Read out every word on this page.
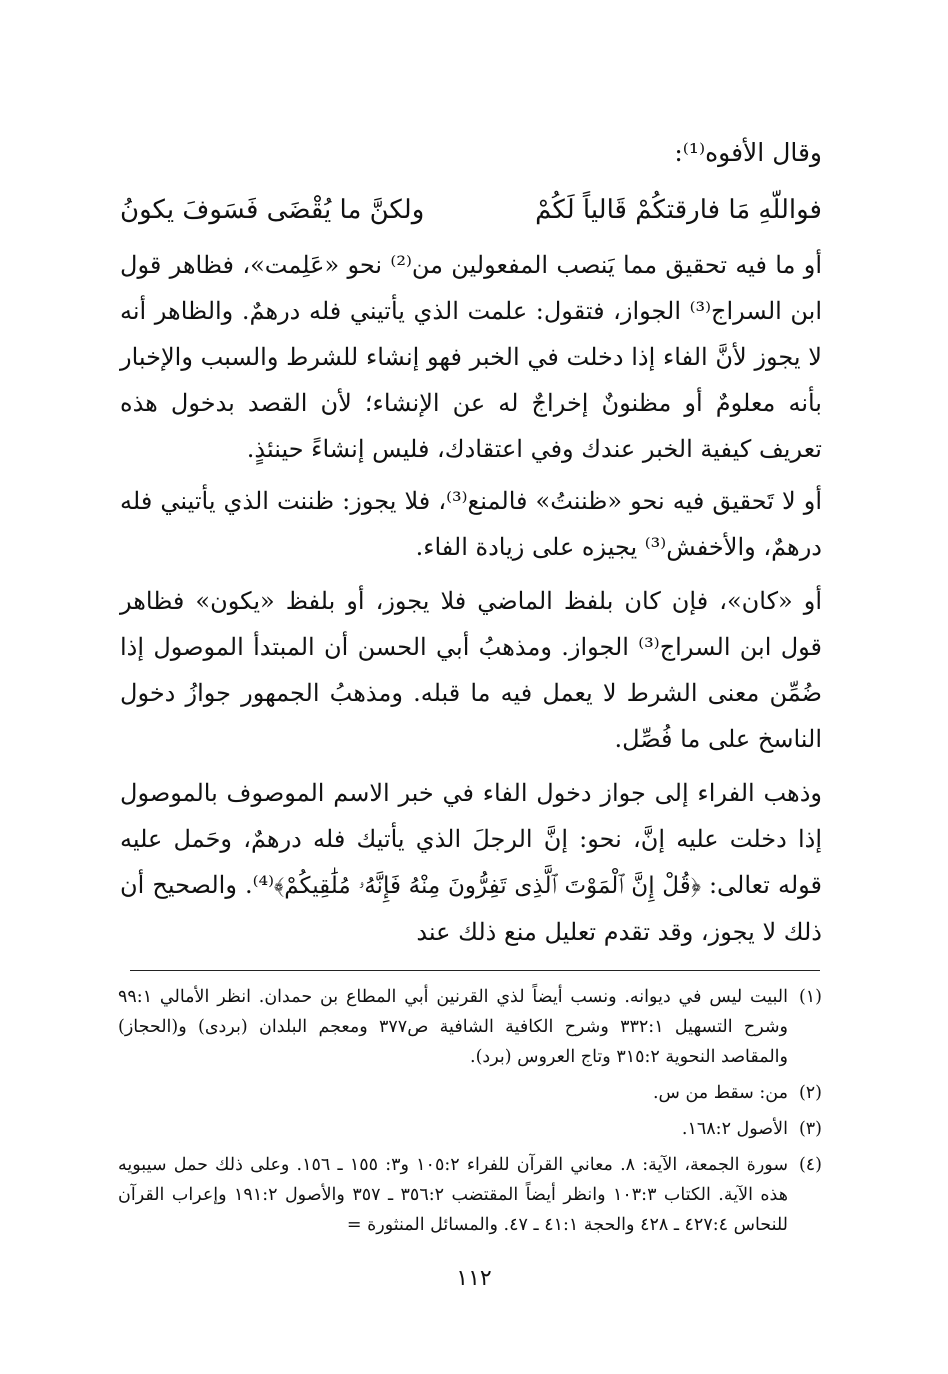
وقال الأفوه⁽¹⁾:
فواللّهِ مَا فارقتكُمْ قَالياً لَكُمْ
ولكنَّ ما يُقْضَى فَسَوفَ يكونُ

أو ما فيه تحقيق مما يَنصب المفعولين من⁽²⁾ نحو «عَلِمت»، فظاهر قول ابن السراج⁽³⁾ الجواز، فتقول: علمت الذي يأتيني فله درهمٌ. والظاهر أنه لا يجوز لأنَّ الفاء إذا دخلت في الخبر فهو إنشاء للشرط والسبب والإخبار بأنه معلومٌ أو مظنونٌ إخراجٌ له عن الإنشاء؛ لأن القصد بدخول هذه تعريف كيفية الخبر عندك وفي اعتقادك، فليس إنشاءً حينئذٍ.

أو لا تَحقيق فيه نحو «ظننتُ» فالمنع⁽³⁾، فلا يجوز: ظننت الذي يأتيني فله درهمٌ، والأخفش⁽³⁾ يجيزه على زيادة الفاء.

أو «كان»، فإن كان بلفظ الماضي فلا يجوز، أو بلفظ «يكون» فظاهر قول ابن السراج⁽³⁾ الجواز. ومذهبُ أبي الحسن أن المبتدأ الموصول إذا ضُمِّن معنى الشرط لا يعمل فيه ما قبله. ومذهبُ الجمهور جوازُ دخول الناسخ على ما فُصِّل.

وذهب الفراء إلى جواز دخول الفاء في خبر الاسم الموصوف بالموصول إذا دخلت عليه إنَّ، نحو: إنَّ الرجلَ الذي يأتيك فله درهمٌ، وحَمل عليه قوله تعالى: ﴿قُلْ إِنَّ ٱلْمَوْتَ ٱلَّذِى تَفِرُّونَ مِنْهُ فَإِنَّهُۥ مُلَٰقِيكُمْ﴾⁽⁴⁾. والصحيح أن ذلك لا يجوز، وقد تقدم تعليل منع ذلك عند

(١)
البيت ليس في ديوانه. ونسب أيضاً لذي القرنين أبي المطاع بن حمدان. انظر الأمالي ٩٩:١ وشرح التسهيل ٣٣٢:١ وشرح الكافية الشافية ص٣٧٧ ومعجم البلدان (بردى) و(الحجاز) والمقاصد النحوية ٣١٥:٢ وتاج العروس (برد).
(٢)
من: سقط من س.
(٣)
الأصول ١٦٨:٢.
(٤)
سورة الجمعة، الآية: ٨. معاني القرآن للفراء ١٠٥:٢ و٣: ١٥٥ ـ ١٥٦. وعلى ذلك حمل سيبويه هذه الآية. الكتاب ١٠٣:٣ وانظر أيضاً المقتضب ٣٥٦:٢ ـ ٣٥٧ والأصول ١٩١:٢ وإعراب القرآن للنحاس ٤٢٧:٤ ـ ٤٢٨ والحجة ٤١:١ ـ ٤٧. والمسائل المنثورة =
١١٢
